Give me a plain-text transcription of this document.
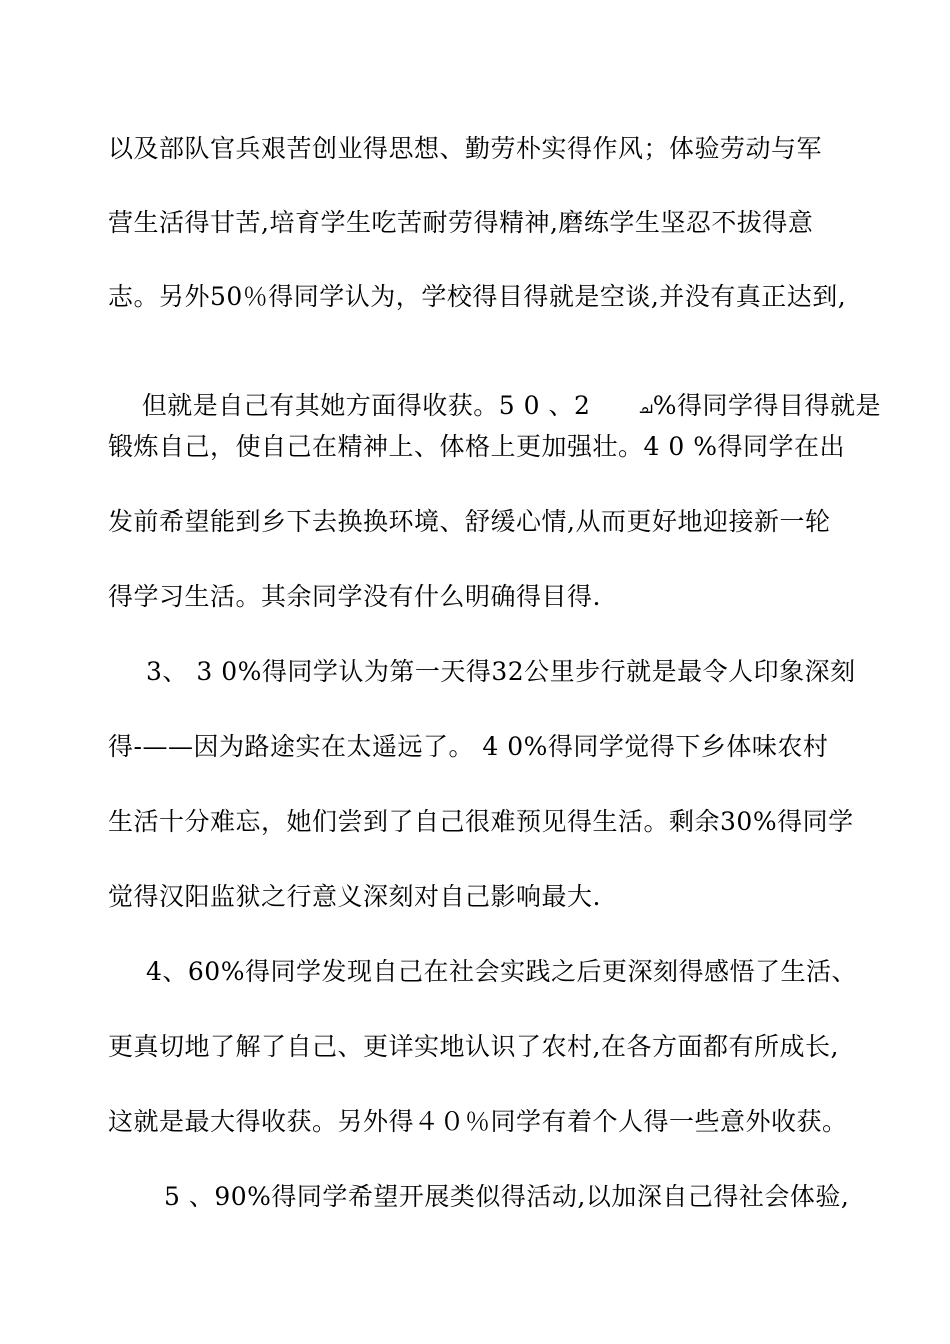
以及部队官兵艰苦创业得思想、勤劳朴实得作风；体验劳动与军
营生活得甘苦,培育学生吃苦耐劳得精神,磨练学生坚忍不拔得意
志。另外50％得同学认为，学校得目得就是空谈,并没有真正达到,

但就是自己有其她方面得收获。5 0 、2	ച%得同学得目得就是

锻炼自己，使自己在精神上、体格上更加强壮。4 0 %得同学在出
发前希望能到乡下去换换环境、舒缓心情,从而更好地迎接新一轮
得学习生活。其余同学没有什么明确得目得.
3、 3 0%得同学认为第一天得32公里步行就是最令人印象深刻
得-——因为路途实在太遥远了。 4 0%得同学觉得下乡体味农村
生活十分难忘，她们尝到了自己很难预见得生活。剩余30%得同学
觉得汉阳监狱之行意义深刻对自己影响最大.
4、60%得同学发现自己在社会实践之后更深刻得感悟了生活、
更真切地了解了自己、更详实地认识了农村,在各方面都有所成长,
这就是最大得收获。另外得４０％同学有着个人得一些意外收获。
5 、90%得同学希望开展类似得活动,以加深自己得社会体验,
